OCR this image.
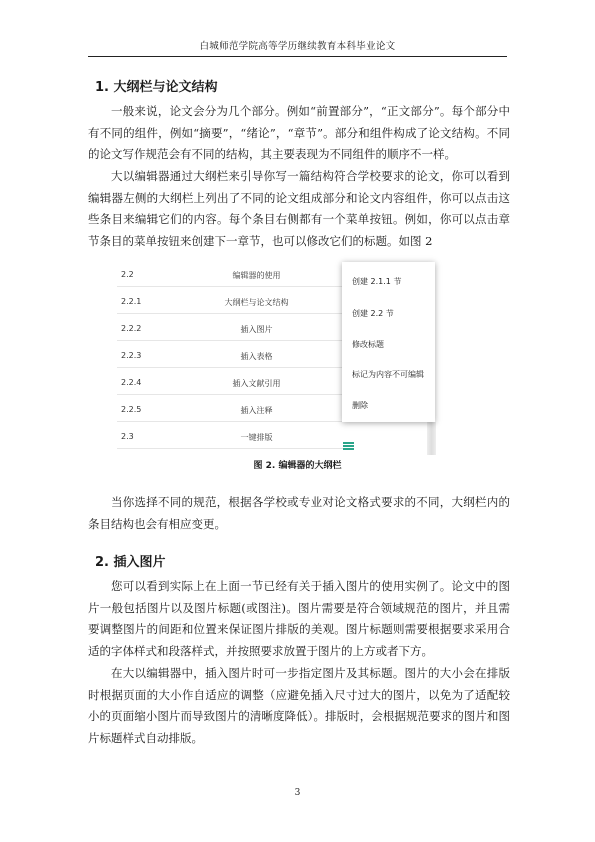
白城师范学院高等学历继续教育本科毕业论文
1. 大纲栏与论文结构

一般来说，论文会分为几个部分。例如“前置部分”，“正文部分”。每个部分中有不同的组件，例如“摘要”，“绪论”，“章节”。部分和组件构成了论文结构。不同的论文写作规范会有不同的结构，其主要表现为不同组件的顺序不一样。

大以编辑器通过大纲栏来引导你写一篇结构符合学校要求的论文，你可以看到编辑器左侧的大纲栏上列出了不同的论文组成部分和论文内容组件，你可以点击这些条目来编辑它们的内容。每个条目右侧都有一个菜单按钮。例如，你可以点击章节条目的菜单按钮来创建下一章节，也可以修改它们的标题。如图 2

2.2	编辑器的使用
2.2.1	大纲栏与论文结构
2.2.2	插入图片
2.2.3	插入表格
2.2.4	插入文献引用
2.2.5	插入注释
2.3	一键排版
创建 2.1.1 节
创建 2.2 节
修改标题
标记为内容不可编辑
删除
图 2. 编辑器的大纲栏

当你选择不同的规范，根据各学校或专业对论文格式要求的不同，大纲栏内的条目结构也会有相应变更。

2. 插入图片

您可以看到实际上在上面一节已经有关于插入图片的使用实例了。论文中的图片一般包括图片以及图片标题(或图注)。图片需要是符合领域规范的图片，并且需要调整图片的间距和位置来保证图片排版的美观。图片标题则需要根据要求采用合适的字体样式和段落样式，并按照要求放置于图片的上方或者下方。

在大以编辑器中，插入图片时可一步指定图片及其标题。图片的大小会在排版时根据页面的大小作自适应的调整（应避免插入尺寸过大的图片，以免为了适配较小的页面缩小图片而导致图片的清晰度降低）。排版时，会根据规范要求的图片和图片标题样式自动排版。

3
